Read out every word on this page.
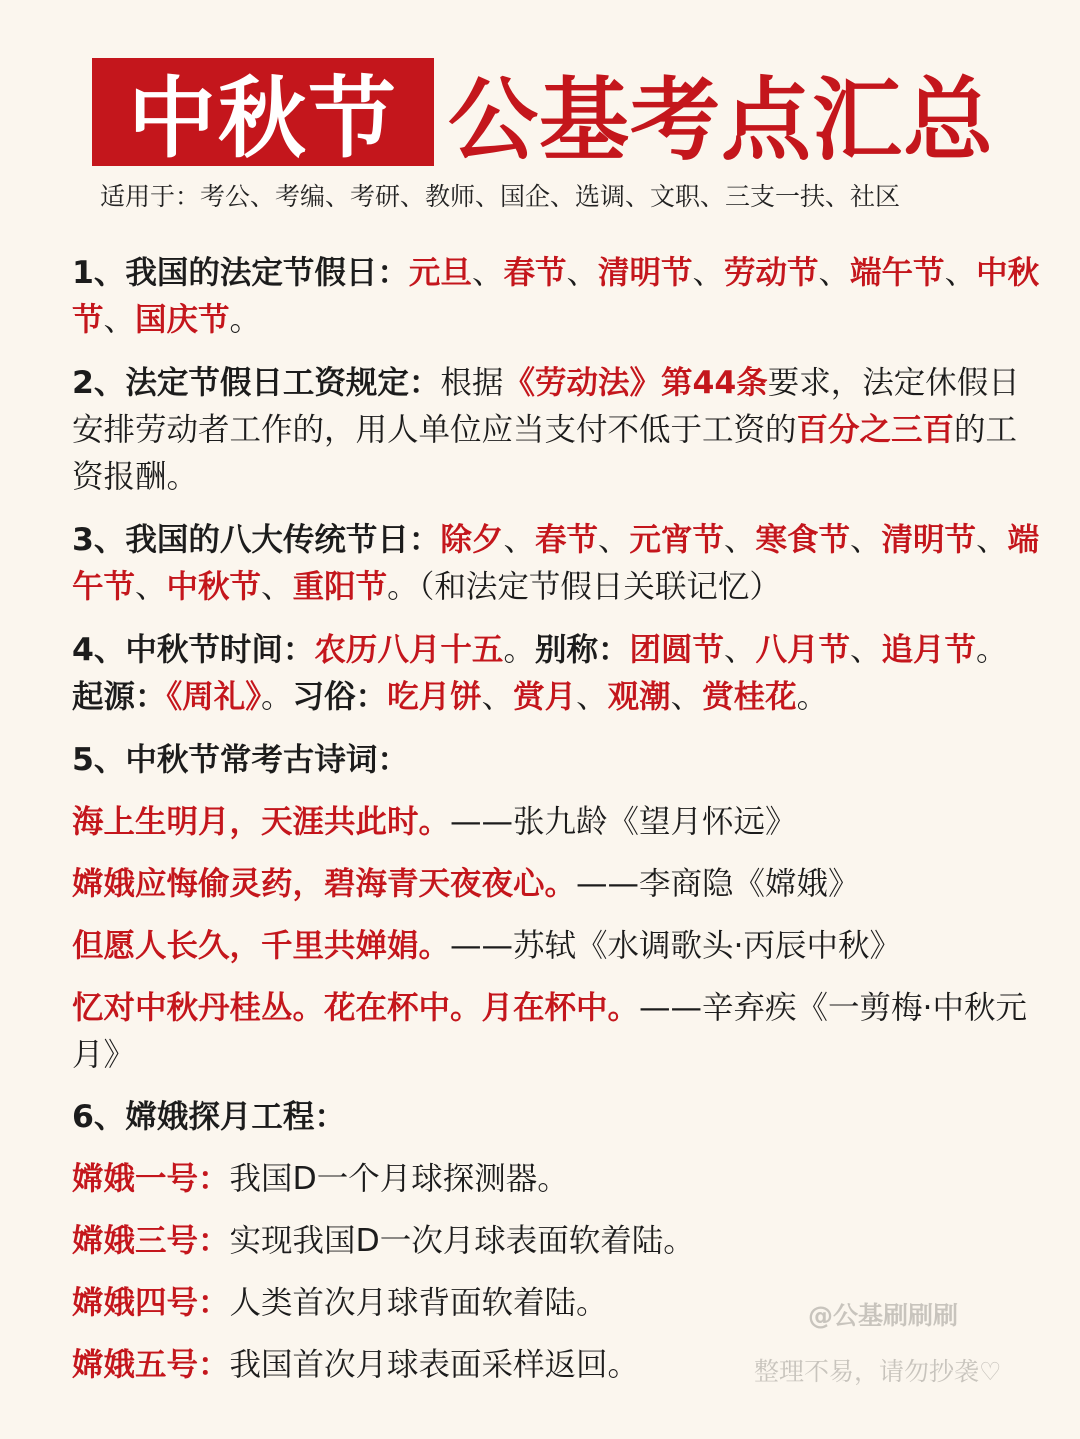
中秋节 公基考点汇总
适用于：考公、考编、考研、教师、国企、选调、文职、三支一扶、社区
1、我国的法定节假日：元旦、春节、清明节、劳动节、端午节、中秋节、国庆节。
2、法定节假日工资规定：根据《劳动法》第44条要求，法定休假日安排劳动者工作的，用人单位应当支付不低于工资的百分之三百的工资报酬。
3、我国的八大传统节日：除夕、春节、元宵节、寒食节、清明节、端午节、中秋节、重阳节。（和法定节假日关联记忆）
4、中秋节时间：农历八月十五。别称：团圆节、八月节、追月节。
起源：《周礼》。习俗：吃月饼、赏月、观潮、赏桂花。
5、中秋节常考古诗词：
海上生明月，天涯共此时。——张九龄《望月怀远》
嫦娥应悔偷灵药，碧海青天夜夜心。——李商隐《嫦娥》
但愿人长久，千里共婵娟。——苏轼《水调歌头·丙辰中秋》
忆对中秋丹桂丛。花在杯中。月在杯中。——辛弃疾《一剪梅·中秋元月》
6、嫦娥探月工程：
嫦娥一号：我国D一个月球探测器。
嫦娥三号：实现我国D一次月球表面软着陆。
嫦娥四号：人类首次月球背面软着陆。
嫦娥五号：我国首次月球表面采样返回。
@公基刷刷刷
整理不易，请勿抄袭♡
